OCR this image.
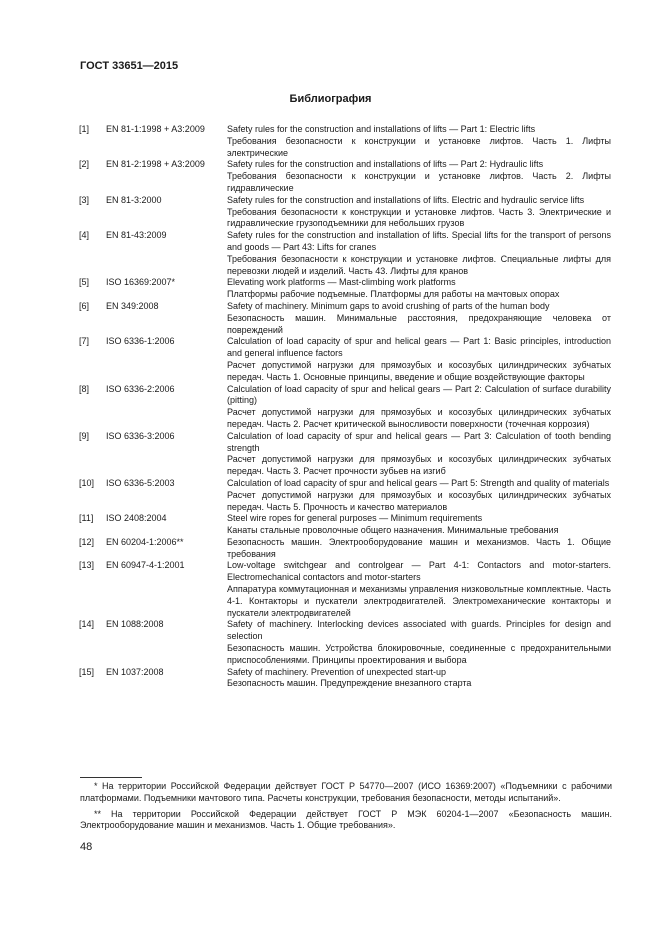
ГОСТ 33651—2015
Библиография
[1]	EN 81-1:1998 + A3:2009	Safety rules for the construction and installations of lifts — Part 1: Electric lifts
Требования безопасности к конструкции и установке лифтов. Часть 1. Лифты электрические
[2]	EN 81-2:1998 + A3:2009	Safety rules for the construction and installations of lifts — Part 2: Hydraulic lifts
Требования безопасности к конструкции и установке лифтов. Часть 2. Лифты гидравлические
[3]	EN 81-3:2000	Safety rules for the construction and installations of lifts. Electric and hydraulic service lifts
Требования безопасности к конструкции и установке лифтов. Часть 3. Электрические и гидравлические грузоподъемники для небольших грузов
[4]	EN 81-43:2009	Safety rules for the construction and installation of lifts. Special lifts for the transport of persons and goods — Part 43: Lifts for cranes
Требования безопасности к конструкции и установке лифтов. Специальные лифты для перевозки людей и изделий. Часть 43. Лифты для кранов
[5]	ISO 16369:2007*	Elevating work platforms — Mast-climbing work platforms
Платформы рабочие подъемные. Платформы для работы на мачтовых опорах
[6]	EN 349:2008	Safety of machinery. Minimum gaps to avoid crushing of parts of the human body
Безопасность машин. Минимальные расстояния, предохраняющие человека от повреждений
[7]	ISO 6336-1:2006	Calculation of load capacity of spur and helical gears — Part 1: Basic principles, introduction and general influence factors
Расчет допустимой нагрузки для прямозубых и косозубых цилиндрических зубчатых передач. Часть 1. Основные принципы, введение и общие воздействующие факторы
[8]	ISO 6336-2:2006	Calculation of load capacity of spur and helical gears — Part 2: Calculation of surface durability (pitting)
Расчет допустимой нагрузки для прямозубых и косозубых цилиндрических зубчатых передач. Часть 2. Расчет критической выносливости поверхности (точечная коррозия)
[9]	ISO 6336-3:2006	Calculation of load capacity of spur and helical gears — Part 3: Calculation of tooth bending strength
Расчет допустимой нагрузки для прямозубых и косозубых цилиндрических зубчатых передач. Часть 3. Расчет прочности зубьев на изгиб
[10]	ISO 6336-5:2003	Calculation of load capacity of spur and helical gears — Part 5: Strength and quality of materials
Расчет допустимой нагрузки для прямозубых и косозубых цилиндрических зубчатых передач. Часть 5. Прочность и качество материалов
[11]	ISO 2408:2004	Steel wire ropes for general purposes — Minimum requirements
Канаты стальные проволочные общего назначения. Минимальные требования
[12]	EN 60204-1:2006**	Безопасность машин. Электрооборудование машин и механизмов. Часть 1. Общие требования
[13]	EN 60947-4-1:2001	Low-voltage switchgear and controlgear — Part 4-1: Contactors and motor-starters. Electromechanical contactors and motor-starters
Аппаратура коммутационная и механизмы управления низковольтные комплектные. Часть 4-1. Контакторы и пускатели электродвигателей. Электромеханические контакторы и пускатели электродвигателей
[14]	EN 1088:2008	Safety of machinery. Interlocking devices associated with guards. Principles for design and selection
Безопасность машин. Устройства блокировочные, соединенные с предохранительными приспособлениями. Принципы проектирования и выбора
[15]	EN 1037:2008	Safety of machinery. Prevention of unexpected start-up
Безопасность машин. Предупреждение внезапного старта
* На территории Российской Федерации действует ГОСТ Р 54770—2007 (ИСО 16369:2007) «Подъемники с рабочими платформами. Подъемники мачтового типа. Расчеты конструкции, требования безопасности, методы испытаний».
** На территории Российской Федерации действует ГОСТ Р МЭК 60204-1—2007 «Безопасность машин. Электрооборудование машин и механизмов. Часть 1. Общие требования».
48
